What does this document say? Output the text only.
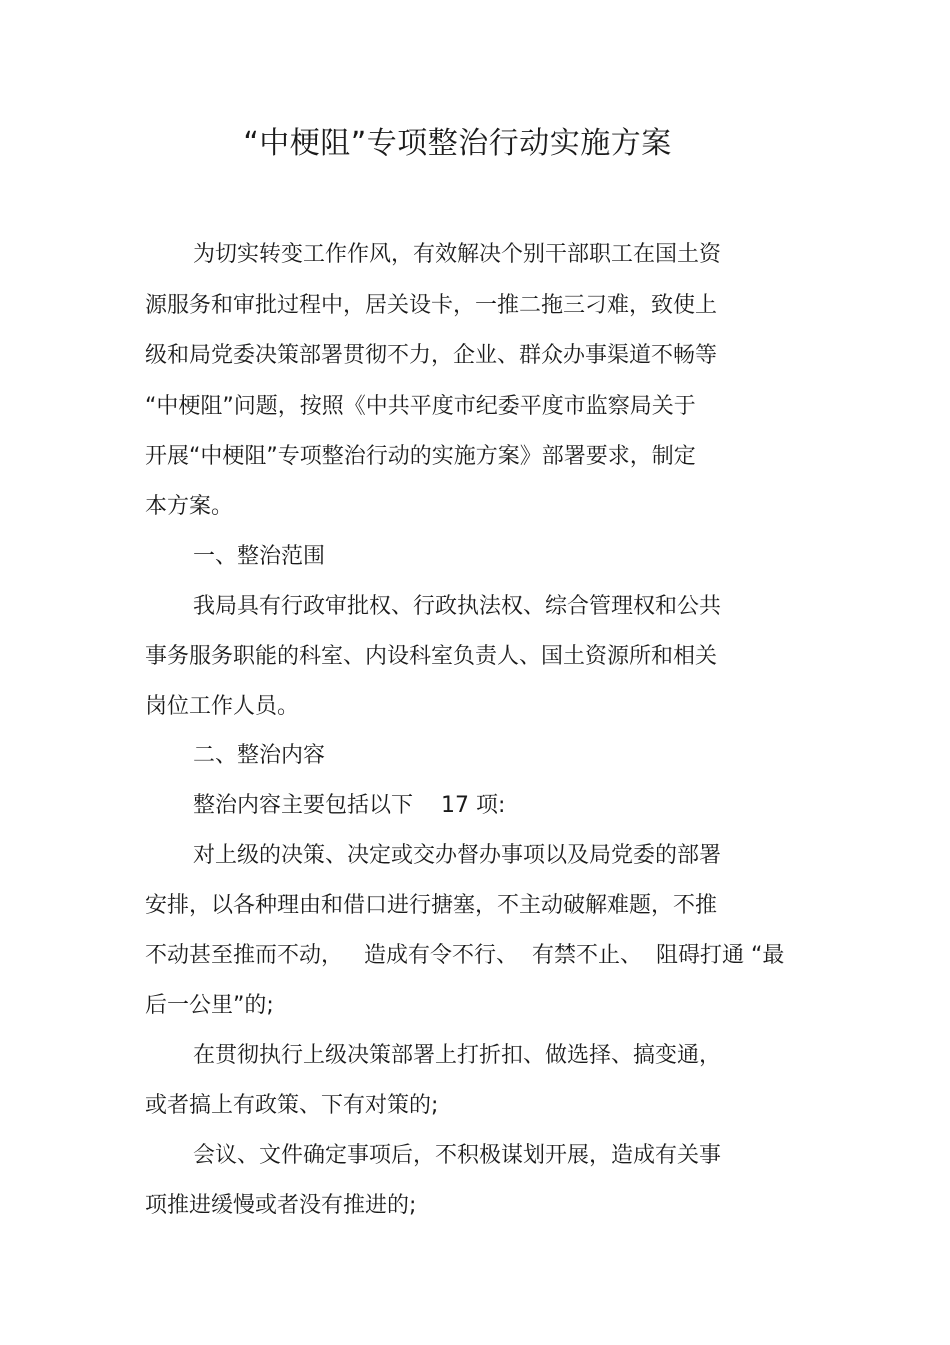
“中梗阻”专项整治行动实施方案
为切实转变工作作风，有效解决个别干部职工在国土资
源服务和审批过程中，居关设卡，一推二拖三刁难，致使上
级和局党委决策部署贯彻不力，企业、群众办事渠道不畅等
“中梗阻”问题，按照《中共平度市纪委平度市监察局关于
开展“中梗阻”专项整治行动的实施方案》部署要求，制定
本方案。
一、整治范围
我局具有行政审批权、行政执法权、综合管理权和公共
事务服务职能的科室、内设科室负责人、国土资源所和相关
岗位工作人员。
二、整治内容
整治内容主要包括以下    17 项:
对上级的决策、决定或交办督办事项以及局党委的部署
安排，以各种理由和借口进行搪塞，不主动破解难题，不推
不动甚至推而不动，   造成有令不行、  有禁不止、  阻碍打通 “最
后一公里”的;
在贯彻执行上级决策部署上打折扣、做选择、搞变通，
或者搞上有政策、下有对策的;
会议、文件确定事项后，不积极谋划开展，造成有关事
项推进缓慢或者没有推进的;
